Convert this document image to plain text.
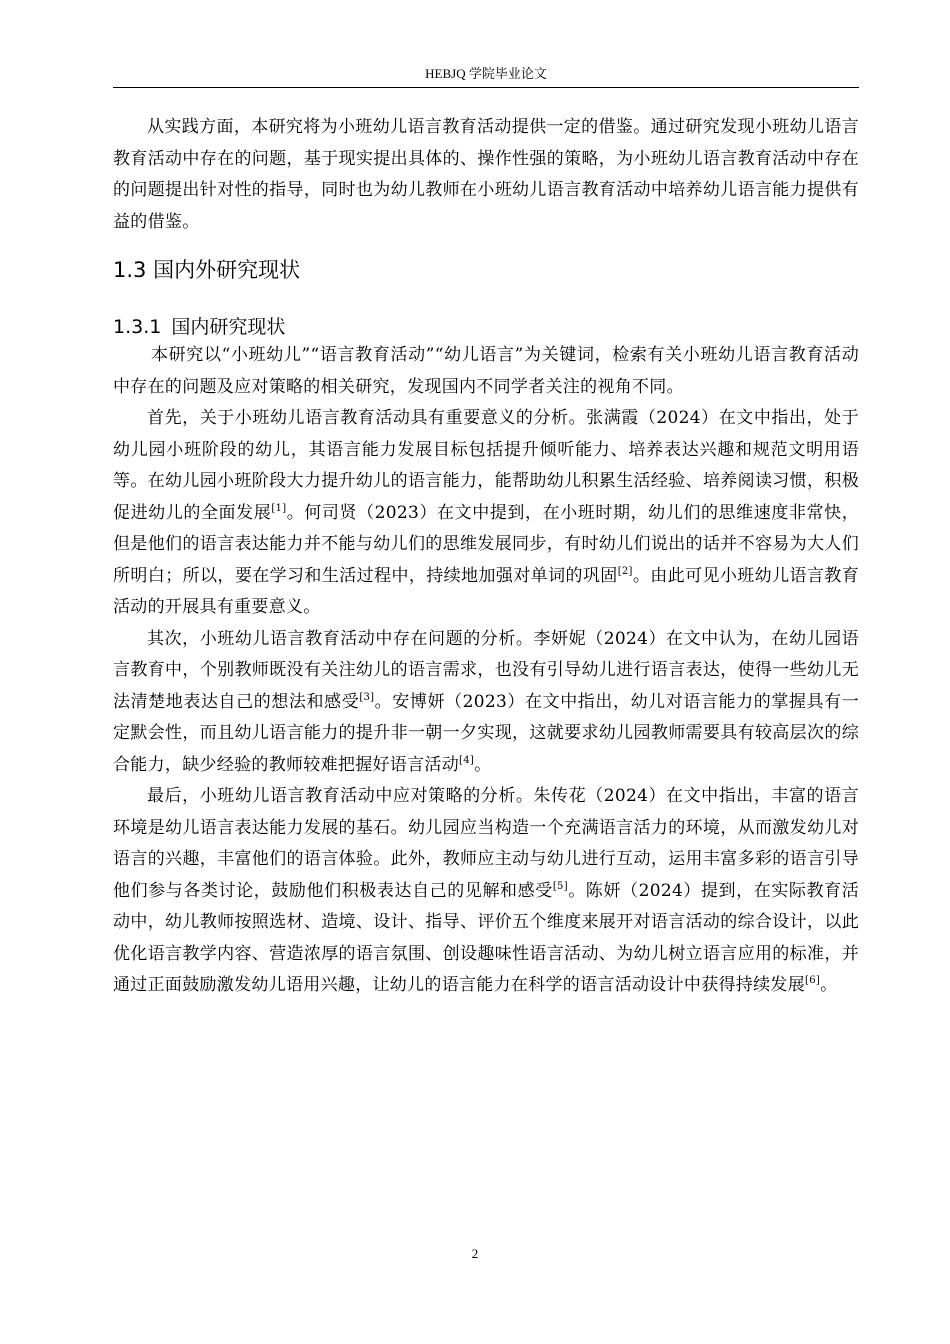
HEBJQ 学院毕业论文

从实践方面，本研究将为小班幼儿语言教育活动提供一定的借鉴。通过研究发现小班幼儿语言教育活动中存在的问题，基于现实提出具体的、操作性强的策略，为小班幼儿语言教育活动中存在的问题提出针对性的指导，同时也为幼儿教师在小班幼儿语言教育活动中培养幼儿语言能力提供有益的借鉴。

1.3 国内外研究现状
1.3.1 国内研究现状

本研究以“小班幼儿”“语言教育活动”“幼儿语言”为关键词，检索有关小班幼儿语言教育活动中存在的问题及应对策略的相关研究，发现国内不同学者关注的视角不同。

首先，关于小班幼儿语言教育活动具有重要意义的分析。张满霞（2024）在文中指出，处于幼儿园小班阶段的幼儿，其语言能力发展目标包括提升倾听能力、培养表达兴趣和规范文明用语等。在幼儿园小班阶段大力提升幼儿的语言能力，能帮助幼儿积累生活经验、培养阅读习惯，积极促进幼儿的全面发展[1]。何司贤（2023）在文中提到，在小班时期，幼儿们的思维速度非常快，但是他们的语言表达能力并不能与幼儿们的思维发展同步，有时幼儿们说出的话并不容易为大人们所明白；所以，要在学习和生活过程中，持续地加强对单词的巩固[2]。由此可见小班幼儿语言教育活动的开展具有重要意义。

其次，小班幼儿语言教育活动中存在问题的分析。李妍妮（2024）在文中认为，在幼儿园语言教育中，个别教师既没有关注幼儿的语言需求，也没有引导幼儿进行语言表达，使得一些幼儿无法清楚地表达自己的想法和感受[3]。安博妍（2023）在文中指出，幼儿对语言能力的掌握具有一定默会性，而且幼儿语言能力的提升非一朝一夕实现，这就要求幼儿园教师需要具有较高层次的综合能力，缺少经验的教师较难把握好语言活动[4]。

最后，小班幼儿语言教育活动中应对策略的分析。朱传花（2024）在文中指出，丰富的语言环境是幼儿语言表达能力发展的基石。幼儿园应当构造一个充满语言活力的环境，从而激发幼儿对语言的兴趣，丰富他们的语言体验。此外，教师应主动与幼儿进行互动，运用丰富多彩的语言引导他们参与各类讨论，鼓励他们积极表达自己的见解和感受[5]。陈妍（2024）提到，在实际教育活动中，幼儿教师按照选材、造境、设计、指导、评价五个维度来展开对语言活动的综合设计，以此优化语言教学内容、营造浓厚的语言氛围、创设趣味性语言活动、为幼儿树立语言应用的标准，并通过正面鼓励激发幼儿语用兴趣，让幼儿的语言能力在科学的语言活动设计中获得持续发展[6]。

2
